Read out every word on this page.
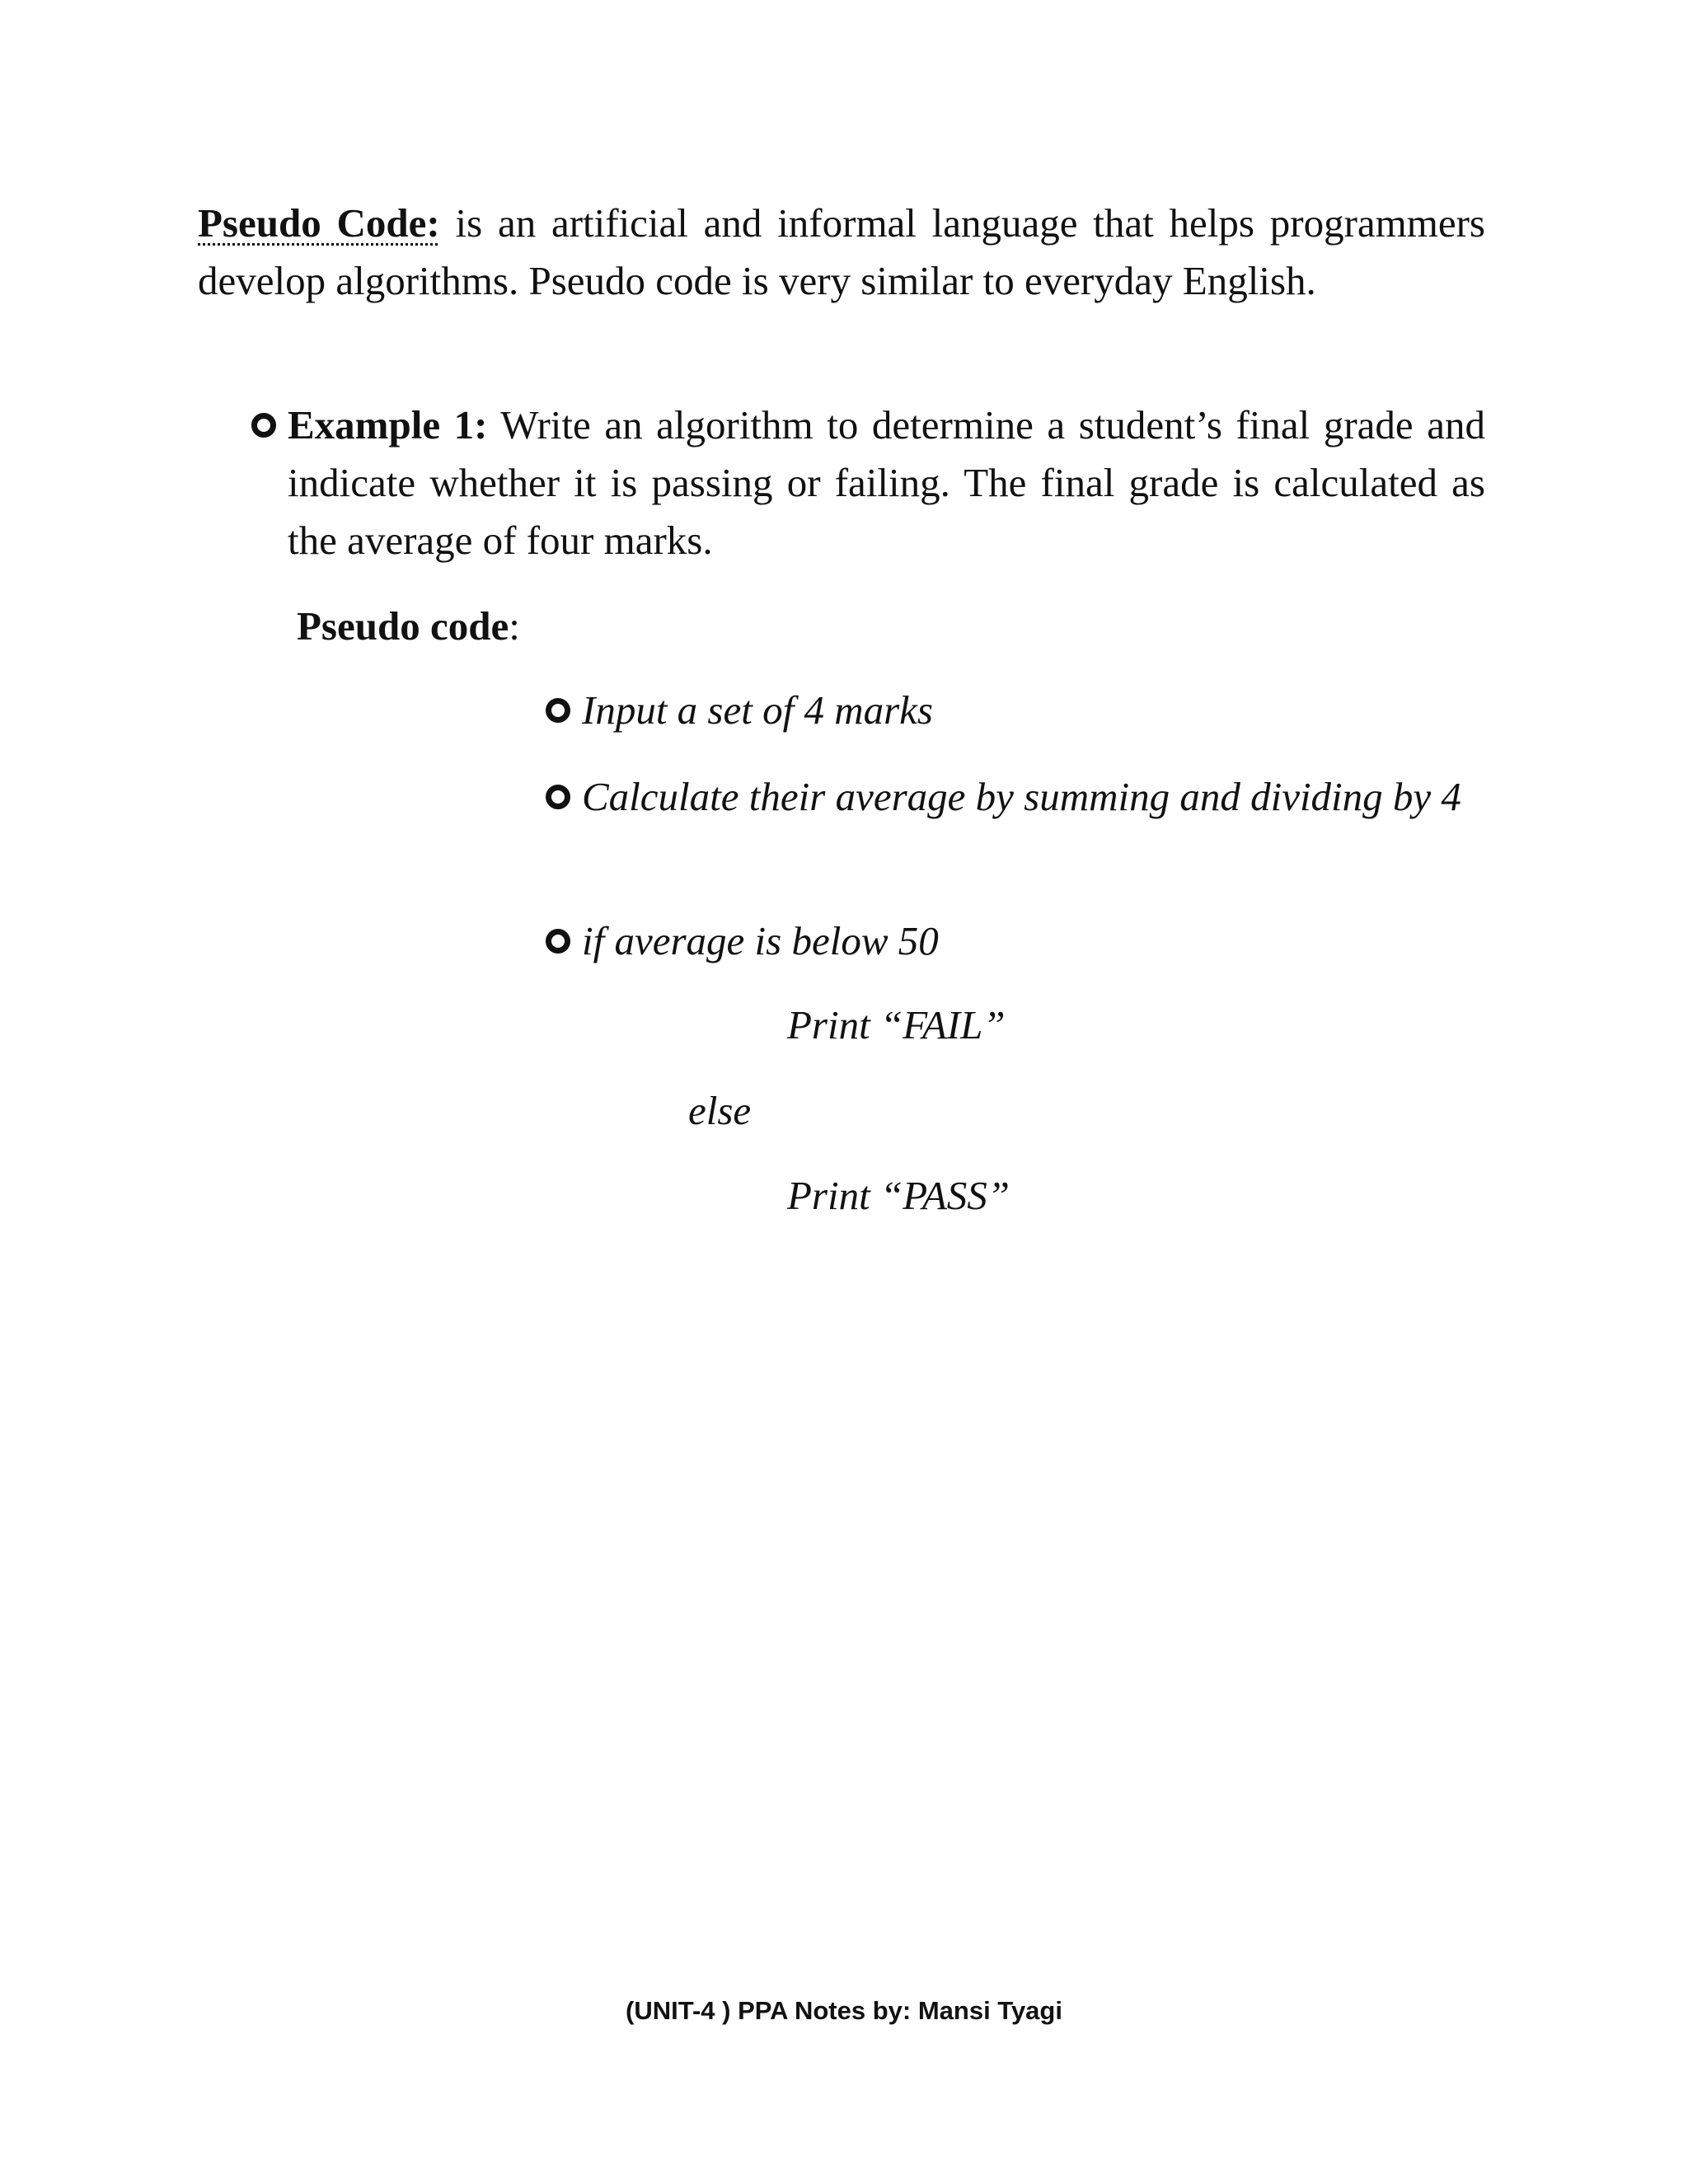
Pseudo Code: is an artificial and informal language that helps programmers develop algorithms. Pseudo code is very similar to everyday English.

Example 1: Write an algorithm to determine a student’s final grade and indicate whether it is passing or failing. The final grade is calculated as the average of four marks.
Pseudo code:
Input a set of 4 marks
Calculate their average by summing and dividing by 4
if average is below 50
Print “FAIL”
else
Print “PASS”
(UNIT-4 ) PPA Notes by: Mansi Tyagi
